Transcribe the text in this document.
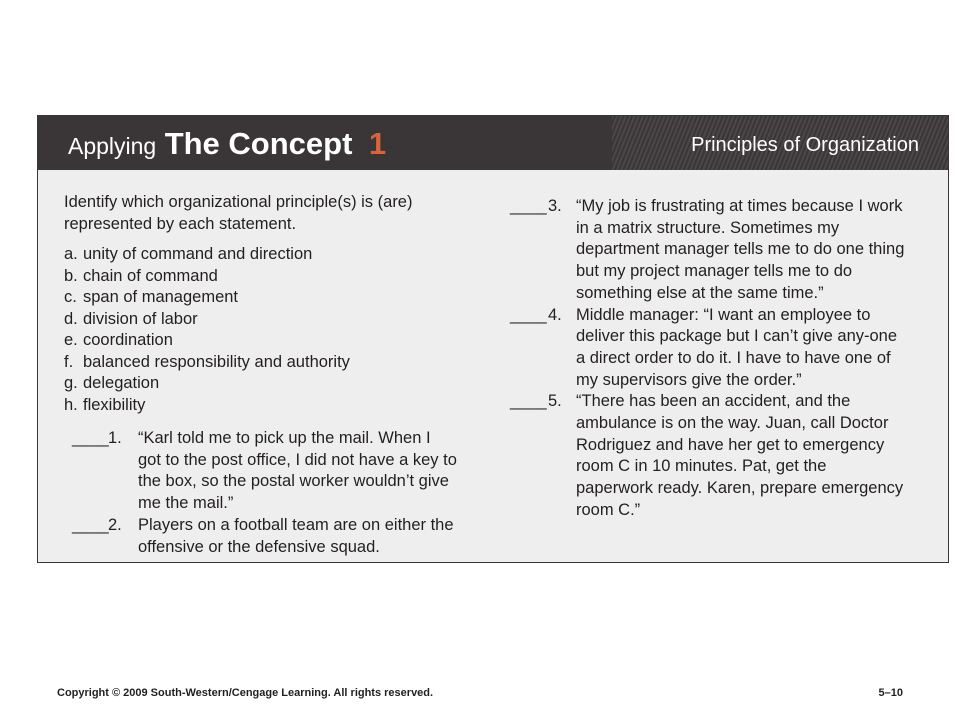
Applying The Concept 1	Principles of Organization
Identify which organizational principle(s) is (are) represented by each statement.
a. unity of command and direction
b. chain of command
c. span of management
d. division of labor
e. coordination
f. balanced responsibility and authority
g. delegation
h. flexibility
____ 1. “Karl told me to pick up the mail. When I got to the post office, I did not have a key to the box, so the postal worker wouldn’t give me the mail.”
____ 2. Players on a football team are on either the offensive or the defensive squad.
____ 3. “My job is frustrating at times because I work in a matrix structure. Sometimes my department manager tells me to do one thing but my project manager tells me to do something else at the same time.”
____ 4. Middle manager: “I want an employee to deliver this package but I can’t give any-one a direct order to do it. I have to have one of my supervisors give the order.”
____ 5. “There has been an accident, and the ambulance is on the way. Juan, call Doctor Rodriguez and have her get to emergency room C in 10 minutes. Pat, get the paperwork ready. Karen, prepare emergency room C.”
Copyright © 2009 South-Western/Cengage Learning. All rights reserved.	5–10
